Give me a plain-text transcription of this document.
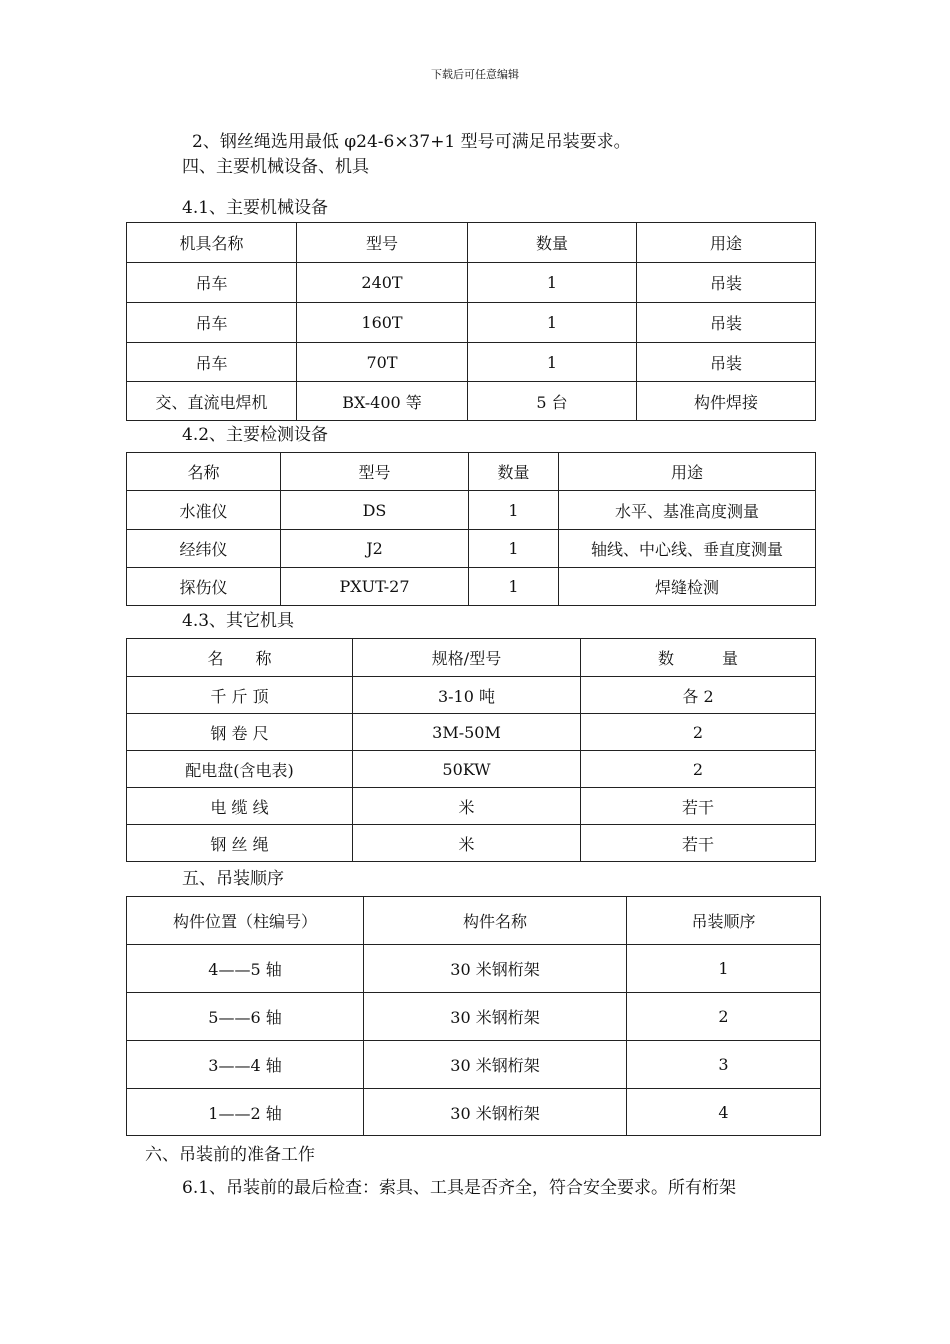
下载后可任意编辑
2、钢丝绳选用最低 φ24-6×37+1 型号可满足吊装要求。
四、主要机械设备、机具
4.1、主要机械设备
机具名称	型号	数量	用途
吊车	240T	1	吊装
吊车	160T	1	吊装
吊车	70T	1	吊装
交、直流电焊机	BX-400 等	5 台	构件焊接
4.2、主要检测设备
名称	型号	数量	用途
水准仪	DS	1	水平、基准高度测量
经纬仪	J2	1	轴线、中心线、垂直度测量
探伤仪	PXUT-27	1	焊缝检测
4.3、其它机具
名　　称	规格/型号	数　　　量
千 斤 顶	3-10 吨	各 2
钢 卷 尺	3M-50M	2
配电盘(含电表)	50KW	2
电 缆 线	米	若干
钢 丝 绳	米	若干
五、吊装顺序
构件位置（柱编号）	构件名称	吊装顺序
4——5 轴	30 米钢桁架	1
5——6 轴	30 米钢桁架	2
3——4 轴	30 米钢桁架	3
1——2 轴	30 米钢桁架	4
六、吊装前的准备工作
6.1、吊装前的最后检查：索具、工具是否齐全，符合安全要求。所有桁架
